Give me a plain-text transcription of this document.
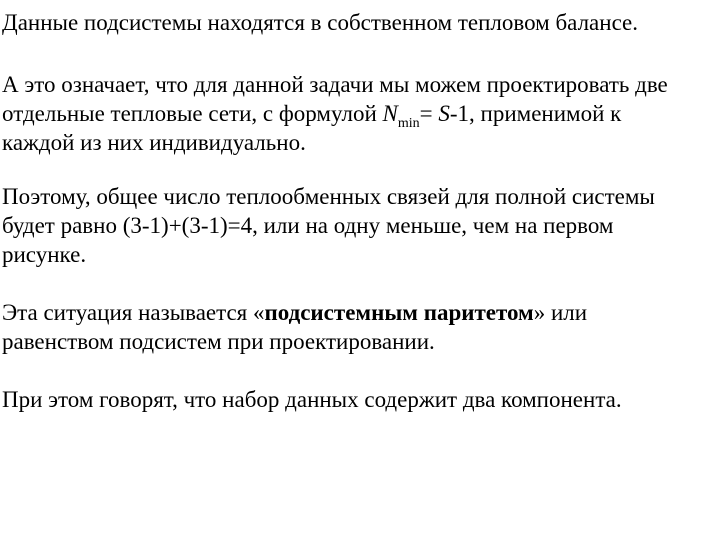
Данные подсистемы находятся в собственном тепловом балансе.

А это означает, что для данной задачи мы можем проектировать две
отдельные тепловые сети, с формулой $N_{min}= S-1$, применимой к
каждой из них индивидуально.

Поэтому, общее число теплообменных связей для полной системы
будет равно (3-1)+(3-1)=4, или на одну меньше, чем на первом
рисунке.

Эта ситуация называется «подсистемным паритетом» или
равенством подсистем при проектировании.

При этом говорят, что набор данных содержит два компонента.
